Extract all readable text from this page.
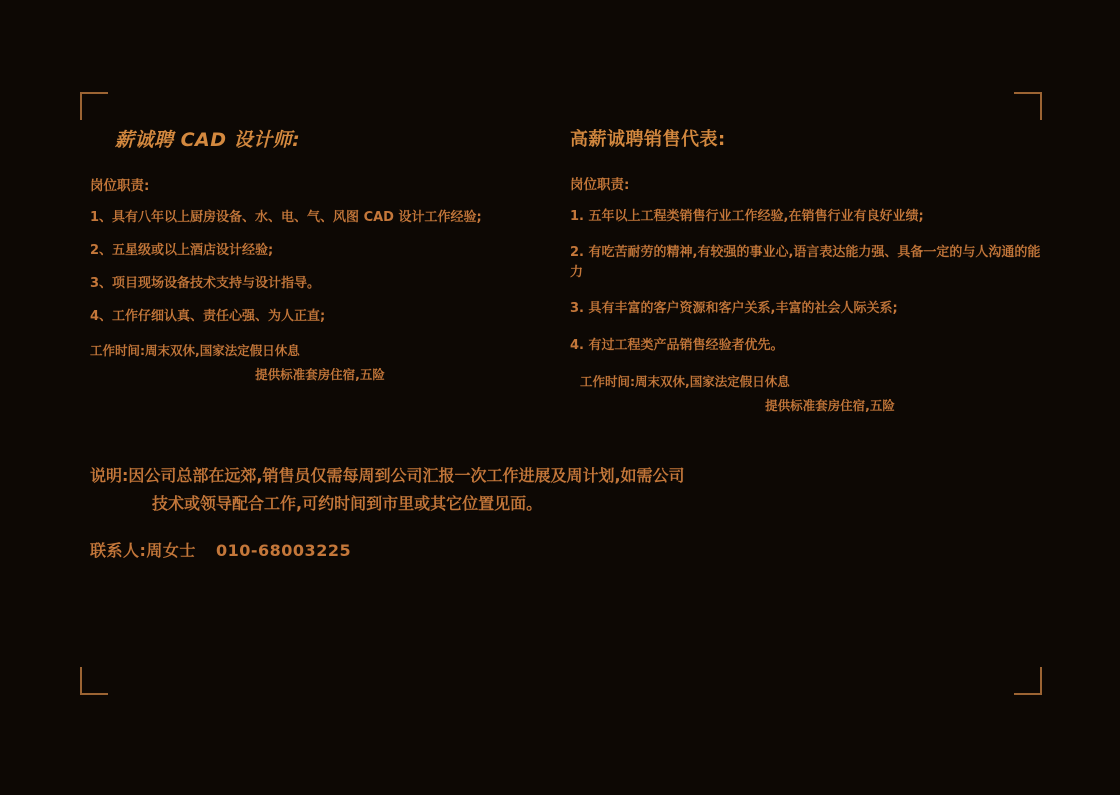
薪诚聘 CAD 设计师:
岗位职责:
1、具有八年以上厨房设备、水、电、气、风图 CAD 设计工作经验;
2、五星级或以上酒店设计经验;
3、项目现场设备技术支持与设计指导。
4、工作仔细认真、责任心强、为人正直;
工作时间:周末双休,国家法定假日休息
提供标准套房住宿,五险
高薪诚聘销售代表:
岗位职责:
1. 五年以上工程类销售行业工作经验,在销售行业有良好业绩;
2. 有吃苦耐劳的精神,有较强的事业心,语言表达能力强、具备一定的与人沟通的能力
3. 具有丰富的客户资源和客户关系,丰富的社会人际关系;
4. 有过工程类产品销售经验者优先。
工作时间:周末双休,国家法定假日休息
提供标准套房住宿,五险
说明:因公司总部在远郊,销售员仅需每周到公司汇报一次工作进展及周计划,如需公司
技术或领导配合工作,可约时间到市里或其它位置见面。
联系人:周女士 010-68003225
